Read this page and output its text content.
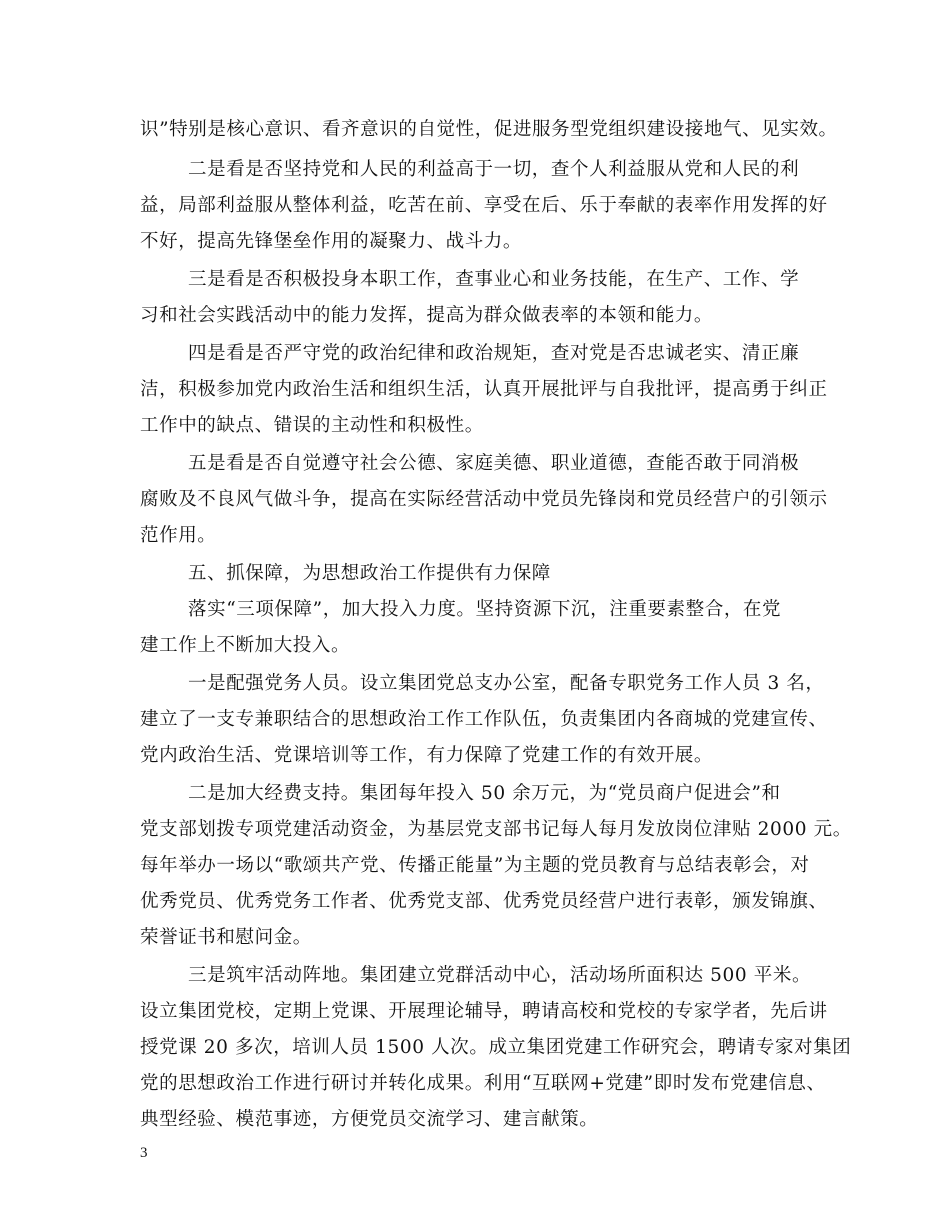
识”特别是核心意识、看齐意识的自觉性，促进服务型党组织建设接地气、见实效。
二是看是否坚持党和人民的利益高于一切，查个人利益服从党和人民的利
益，局部利益服从整体利益，吃苦在前、享受在后、乐于奉献的表率作用发挥的好
不好，提高先锋堡垒作用的凝聚力、战斗力。
三是看是否积极投身本职工作，查事业心和业务技能，在生产、工作、学
习和社会实践活动中的能力发挥，提高为群众做表率的本领和能力。
四是看是否严守党的政治纪律和政治规矩，查对党是否忠诚老实、清正廉
洁，积极参加党内政治生活和组织生活，认真开展批评与自我批评，提高勇于纠正
工作中的缺点、错误的主动性和积极性。
五是看是否自觉遵守社会公德、家庭美德、职业道德，查能否敢于同消极
腐败及不良风气做斗争，提高在实际经营活动中党员先锋岗和党员经营户的引领示
范作用。
五、抓保障，为思想政治工作提供有力保障
落实“三项保障”，加大投入力度。坚持资源下沉，注重要素整合，在党
建工作上不断加大投入。
一是配强党务人员。设立集团党总支办公室，配备专职党务工作人员 3 名，
建立了一支专兼职结合的思想政治工作工作队伍，负责集团内各商城的党建宣传、
党内政治生活、党课培训等工作，有力保障了党建工作的有效开展。
二是加大经费支持。集团每年投入 50 余万元，为“党员商户促进会”和
党支部划拨专项党建活动资金，为基层党支部书记每人每月发放岗位津贴 2000 元。
每年举办一场以“歌颂共产党、传播正能量”为主题的党员教育与总结表彰会，对
优秀党员、优秀党务工作者、优秀党支部、优秀党员经营户进行表彰，颁发锦旗、
荣誉证书和慰问金。
三是筑牢活动阵地。集团建立党群活动中心，活动场所面积达 500 平米。
设立集团党校，定期上党课、开展理论辅导，聘请高校和党校的专家学者，先后讲
授党课 20 多次，培训人员 1500 人次。成立集团党建工作研究会，聘请专家对集团
党的思想政治工作进行研讨并转化成果。利用“互联网+党建”即时发布党建信息、
典型经验、模范事迹，方便党员交流学习、建言献策。
3
